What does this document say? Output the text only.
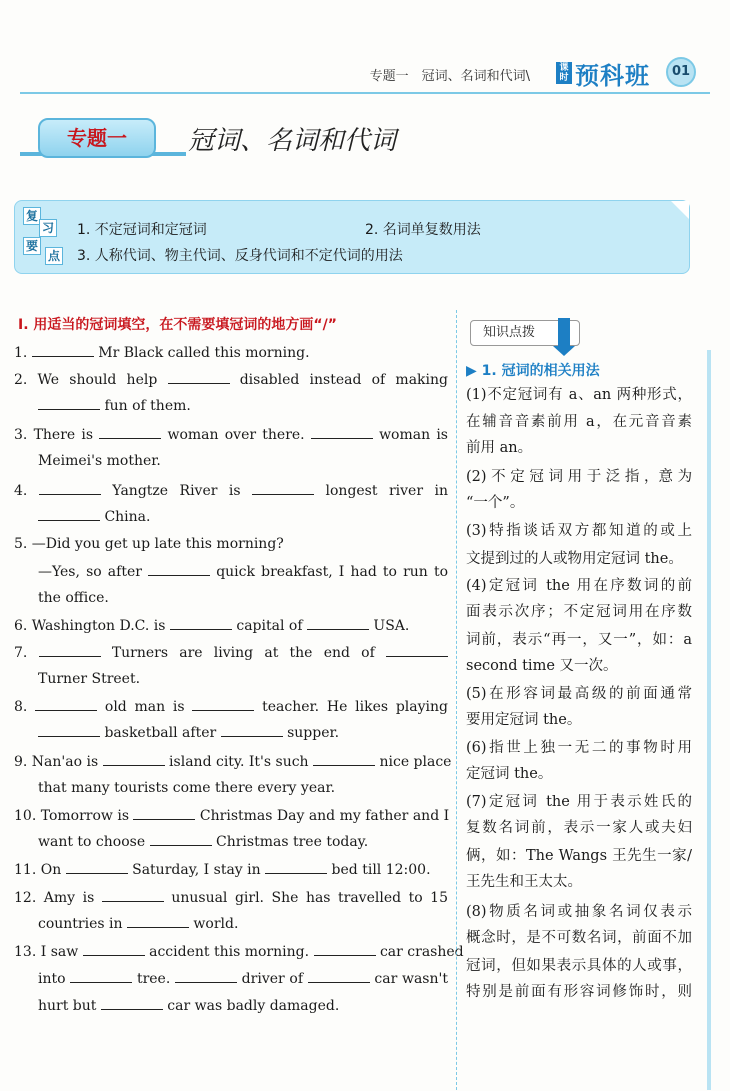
专题一　冠词、名词和代词\
课时 预科班	01
专题一	冠词、名词和代词
复
习
要
点
1. 不定冠词和定冠词	2. 名词单复数用法
3. 人称代词、物主代词、反身代词和不定代词的用法
Ⅰ. 用适当的冠词填空，在不需要填冠词的地方画“/”
1.	Mr Black called this morning.
2. We should help	disabled instead of making
fun of them.
3. There is	woman over there.	woman is
Meimei's mother.
4.	Yangtze River is	longest river in
China.
5. —Did you get up late this morning?
—Yes, so after	quick breakfast, I had to run to
the office.
6. Washington D.C. is	capital of	USA.
7.	Turners are living at the end of
Turner Street.
8.	old man is	teacher. He likes playing
basketball after	supper.
9. Nan'ao is	island city. It's such	nice place
that many tourists come there every year.
10. Tomorrow is	Christmas Day and my father and I
want to choose	Christmas tree today.
11. On	Saturday, I stay in	bed till 12:00.
12. Amy is	unusual girl. She has travelled to 15
countries in	world.
13. I saw	accident this morning.	car crashed
into	tree.	driver of	car wasn't
hurt but	car was badly damaged.
知识点拨
▶ 1. 冠词的相关用法
(1)不定冠词有 a、an 两种形式，
在辅音音素前用 a，在元音音素
前用 an。
(2) 不 定 冠 词 用 于 泛 指 ，意 为
“一个”。
(3)特指谈话双方都知道的或上
文提到过的人或物用定冠词 the。
(4)定冠词 the 用在序数词的前
面表示次序；不定冠词用在序数
词前，表示“再一，又一”，如：a
second time 又一次。
(5)在形容词最高级的前面通常
要用定冠词 the。
(6)指世上独一无二的事物时用
定冠词 the。
(7)定冠词 the 用于表示姓氏的
复数名词前，表示一家人或夫妇
俩，如：The Wangs 王先生一家/
王先生和王太太。
(8)物质名词或抽象名词仅表示
概念时，是不可数名词，前面不加
冠词，但如果表示具体的人或事，
特别是前面有形容词修饰时，则
